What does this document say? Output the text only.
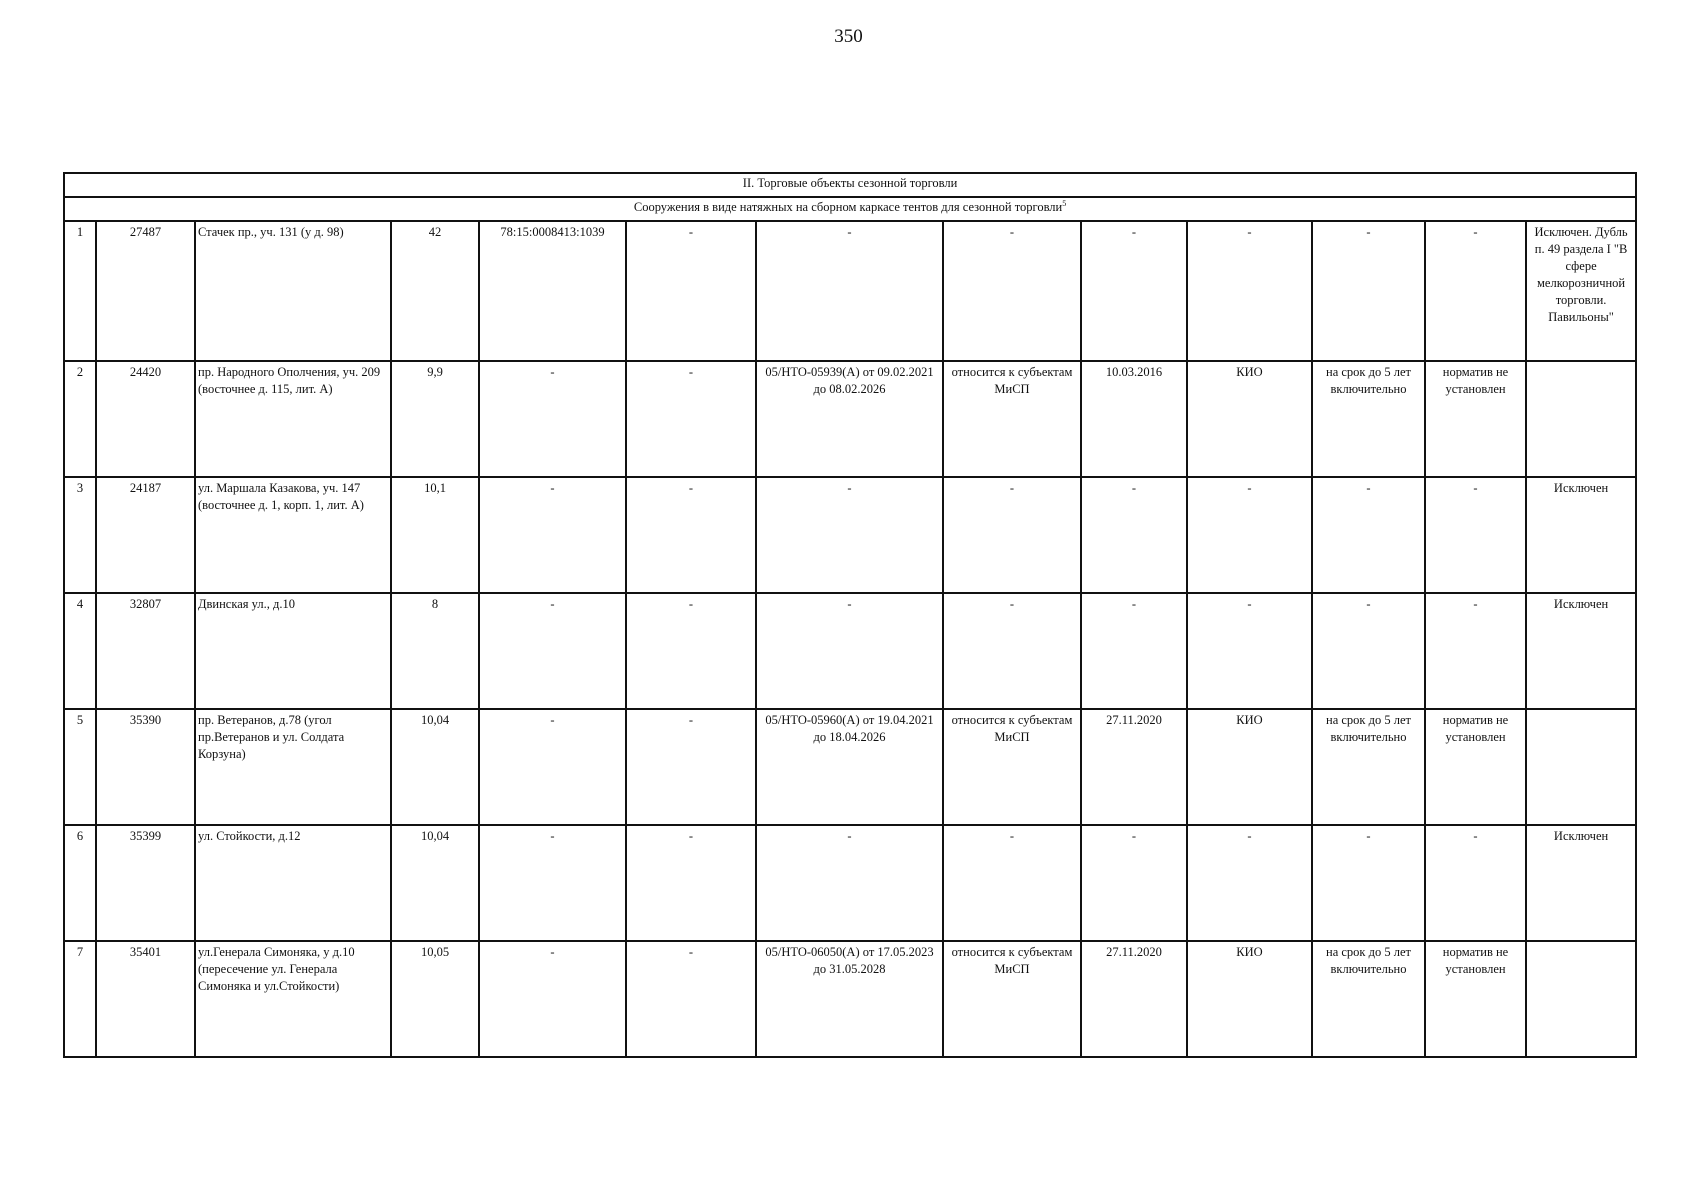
350
II. Торговые объекты сезонной торговли												
Сооружения в виде натяжных на сборном каркасе тентов для сезонной торговли$^5$
1	27487	Стачек пр., уч. 131 (у д. 98)	42	78:15:0008413:1039	-	-	-	-	-	-	-	Исключен. Дубль п. 49 раздела I "В сфере мелкорозничной торговли. Павильоны"
2	24420	пр. Народного Ополчения, уч. 209 (восточнее д. 115, лит. А)	9,9	-	-	05/НТО-05939(А) от 09.02.2021 до 08.02.2026	относится к субъектам МиСП	10.03.2016	КИО	на срок до 5 лет включительно	норматив не установлен	
3	24187	ул. Маршала Казакова, уч. 147 (восточнее д. 1, корп. 1, лит. А)	10,1	-	-	-	-	-	-	-	-	Исключен
4	32807	Двинская ул., д.10	8	-	-	-	-	-	-	-	-	Исключен
5	35390	пр. Ветеранов, д.78 (угол пр.Ветеранов и ул. Солдата Корзуна)	10,04	-	-	05/НТО-05960(А) от 19.04.2021 до 18.04.2026	относится к субъектам МиСП	27.11.2020	КИО	на срок до 5 лет включительно	норматив не установлен	
6	35399	ул. Стойкости, д.12	10,04	-	-	-	-	-	-	-	-	Исключен
7	35401	ул.Генерала Симоняка, у д.10 (пересечение ул. Генерала Симоняка и ул.Стойкости)	10,05	-	-	05/НТО-06050(А) от 17.05.2023 до 31.05.2028	относится к субъектам МиСП	27.11.2020	КИО	на срок до 5 лет включительно	норматив не установлен	
